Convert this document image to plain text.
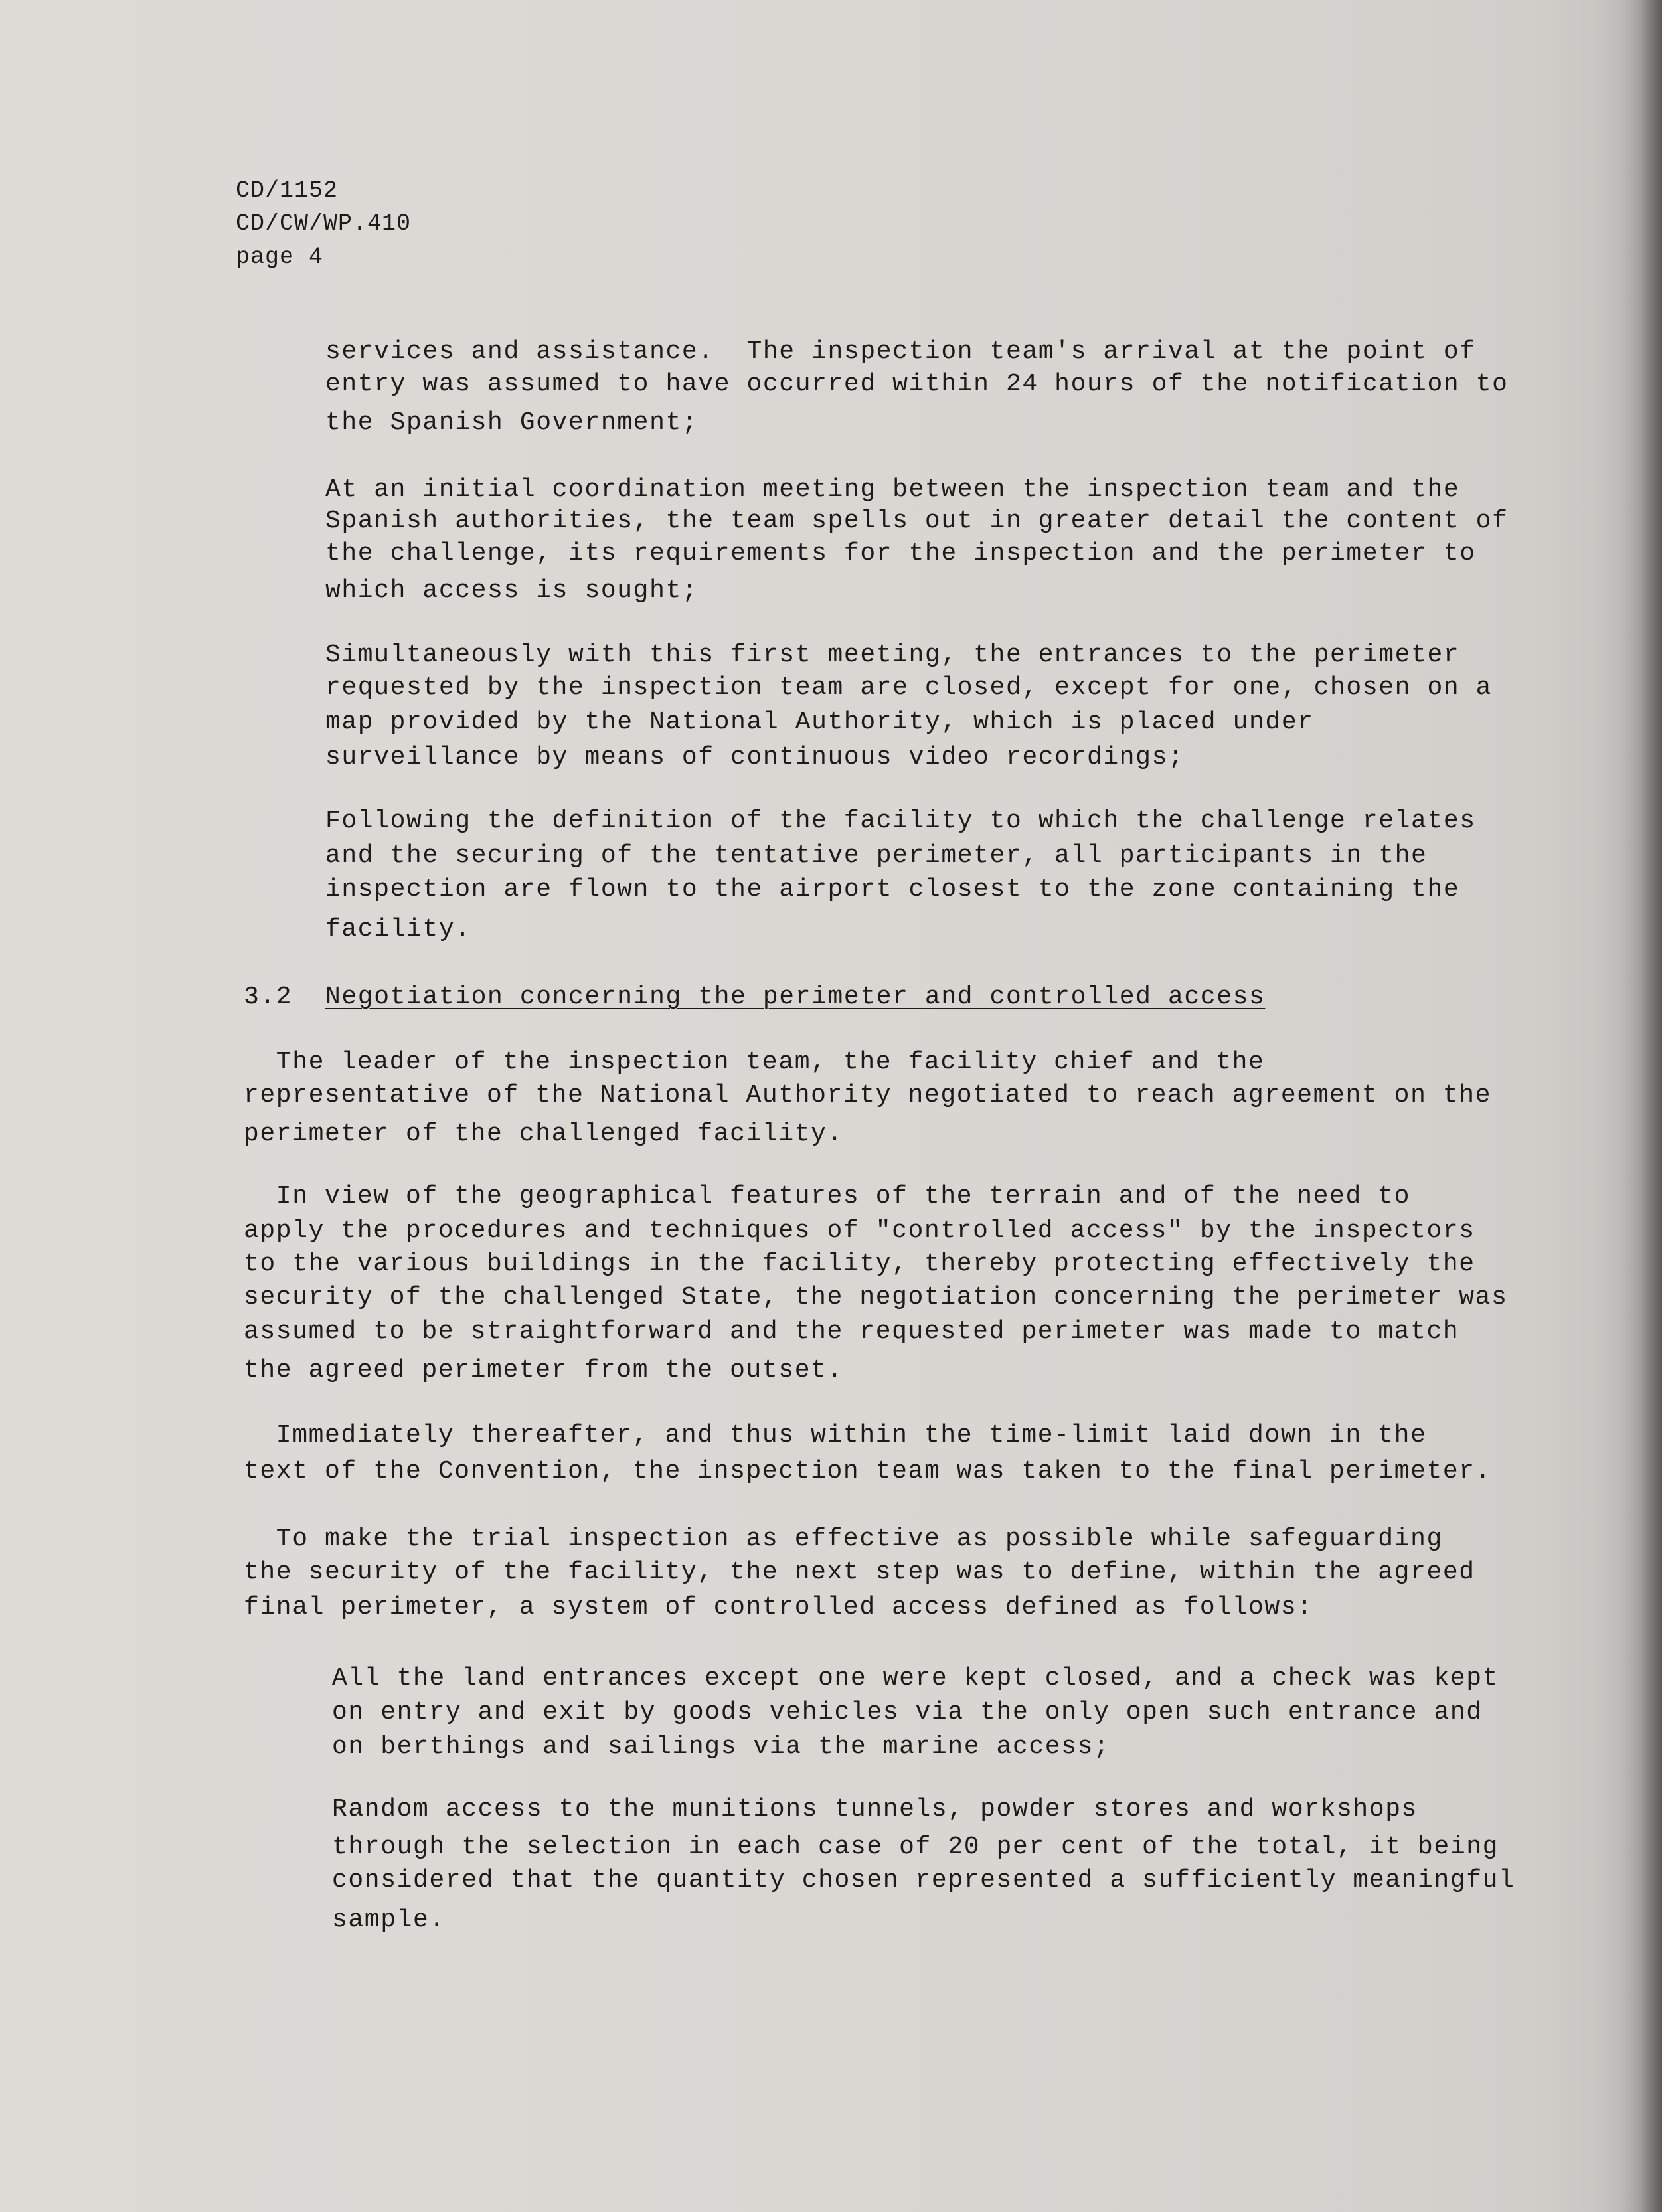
CD/1152
CD/CW/WP.410
page 4
services and assistance.  The inspection team's arrival at the point of
entry was assumed to have occurred within 24 hours of the notification to
the Spanish Government;
At an initial coordination meeting between the inspection team and the
Spanish authorities, the team spells out in greater detail the content of
the challenge, its requirements for the inspection and the perimeter to
which access is sought;
Simultaneously with this first meeting, the entrances to the perimeter
requested by the inspection team are closed, except for one, chosen on a
map provided by the National Authority, which is placed under
surveillance by means of continuous video recordings;
Following the definition of the facility to which the challenge relates
and the securing of the tentative perimeter, all participants in the
inspection are flown to the airport closest to the zone containing the
facility.
3.2 Negotiation concerning the perimeter and controlled access
The leader of the inspection team, the facility chief and the
representative of the National Authority negotiated to reach agreement on the
perimeter of the challenged facility.
In view of the geographical features of the terrain and of the need to
apply the procedures and techniques of "controlled access" by the inspectors
to the various buildings in the facility, thereby protecting effectively the
security of the challenged State, the negotiation concerning the perimeter was
assumed to be straightforward and the requested perimeter was made to match
the agreed perimeter from the outset.
Immediately thereafter, and thus within the time-limit laid down in the
text of the Convention, the inspection team was taken to the final perimeter.
To make the trial inspection as effective as possible while safeguarding
the security of the facility, the next step was to define, within the agreed
final perimeter, a system of controlled access defined as follows:
All the land entrances except one were kept closed, and a check was kept
on entry and exit by goods vehicles via the only open such entrance and
on berthings and sailings via the marine access;
Random access to the munitions tunnels, powder stores and workshops
through the selection in each case of 20 per cent of the total, it being
considered that the quantity chosen represented a sufficiently meaningful
sample.
